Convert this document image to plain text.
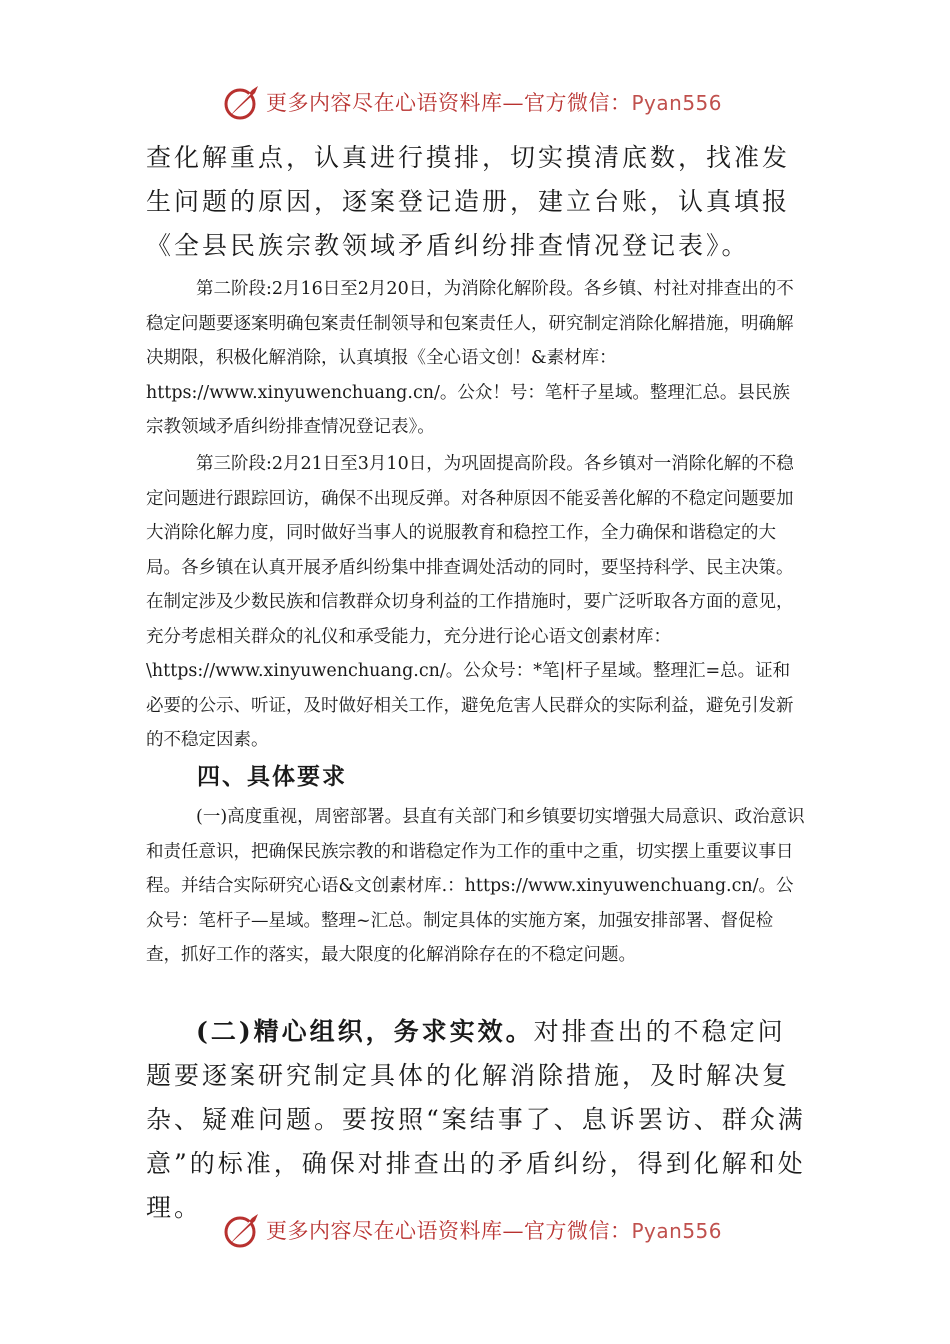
更多内容尽在心语资料库—官方微信：Pyan556
查化解重点，认真进行摸排，切实摸清底数，找准发生问题的原因，逐案登记造册，建立台账，认真填报《全县民族宗教领域矛盾纠纷排查情况登记表》。
第二阶段:2月16日至2月20日，为消除化解阶段。各乡镇、村社对排查出的不稳定问题要逐案明确包案责任制领导和包案责任人，研究制定消除化解措施，明确解决期限，积极化解消除，认真填报《全心语文创！&素材库：https://www.xinyuwenchuang.cn/。公众！号：笔杆子星域。整理汇总。县民族宗教领域矛盾纠纷排查情况登记表》。
第三阶段:2月21日至3月10日，为巩固提高阶段。各乡镇对一消除化解的不稳定问题进行跟踪回访，确保不出现反弹。对各种原因不能妥善化解的不稳定问题要加大消除化解力度，同时做好当事人的说服教育和稳控工作，全力确保和谐稳定的大局。各乡镇在认真开展矛盾纠纷集中排查调处活动的同时，要坚持科学、民主决策。在制定涉及少数民族和信教群众切身利益的工作措施时，要广泛听取各方面的意见，充分考虑相关群众的礼仪和承受能力，充分进行论心语文创素材库：\https://www.xinyuwenchuang.cn/。公众号：*笔|杆子星域。整理汇=总。证和必要的公示、听证，及时做好相关工作，避免危害人民群众的实际利益，避免引发新的不稳定因素。
四、具体要求
(一)高度重视，周密部署。县直有关部门和乡镇要切实增强大局意识、政治意识和责任意识，把确保民族宗教的和谐稳定作为工作的重中之重，切实摆上重要议事日程。并结合实际研究心语&文创素材库.：https://www.xinyuwenchuang.cn/。公众号：笔杆子—星域。整理~汇总。制定具体的实施方案，加强安排部署、督促检查，抓好工作的落实，最大限度的化解消除存在的不稳定问题。
(二)精心组织，务求实效。对排查出的不稳定问题要逐案研究制定具体的化解消除措施，及时解决复杂、疑难问题。要按照“案结事了、息诉罢访、群众满意”的标准，确保对排查出的矛盾纠纷，得到化解和处理。
更多内容尽在心语资料库—官方微信：Pyan556
